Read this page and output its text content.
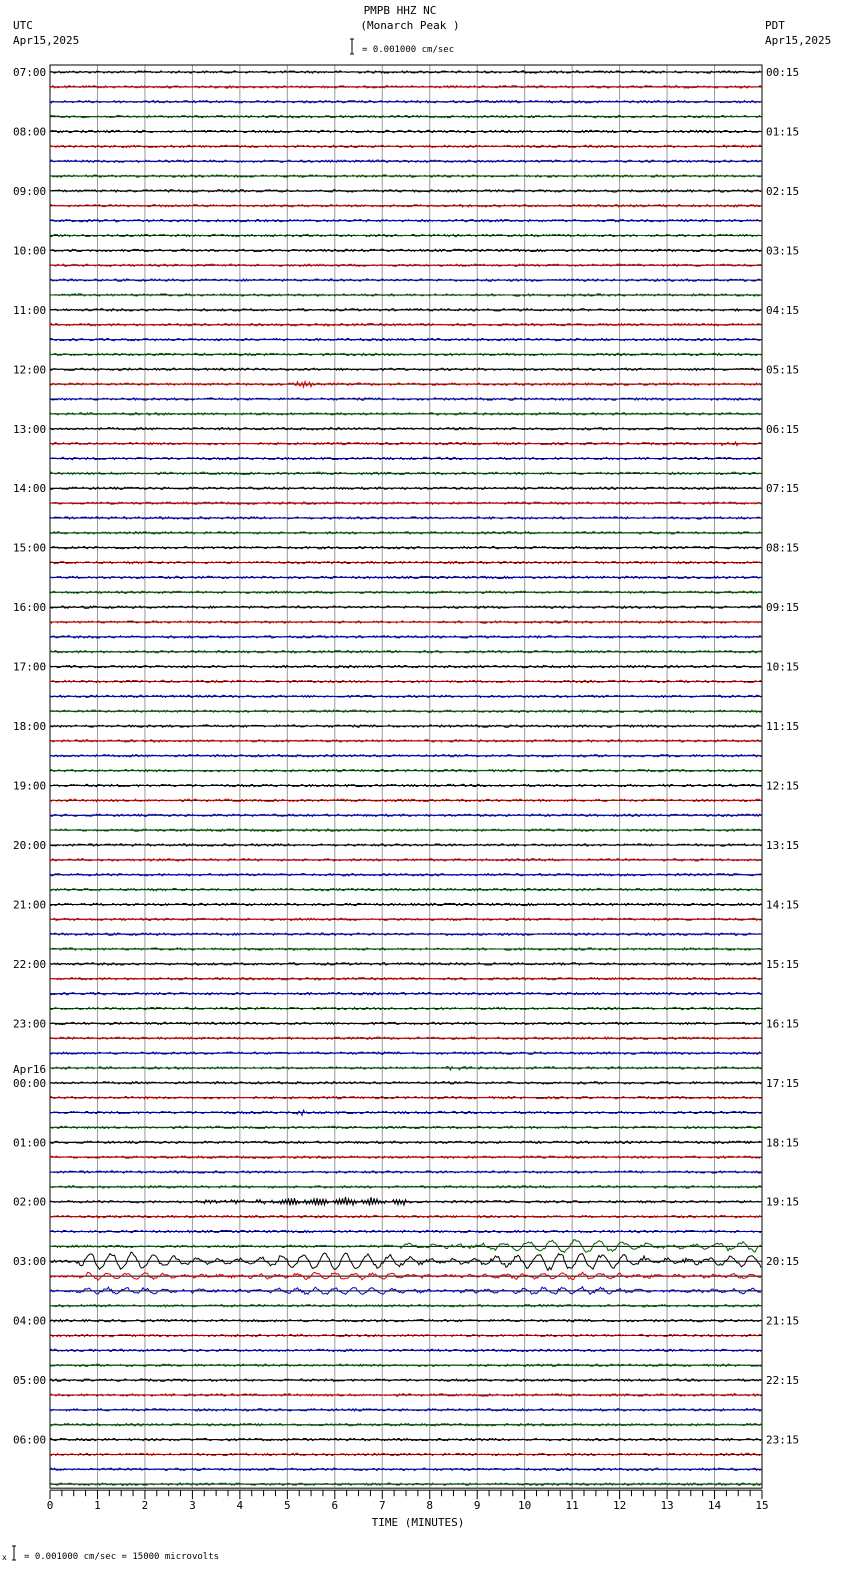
PMPB HHZ NC
(Monarch Peak )
UTC
Apr15,2025
PDT
Apr15,2025
= 0.001000 cm/sec
07:00
08:00
09:00
10:00
11:00
12:00
13:00
14:00
15:00
16:00
17:00
18:00
19:00
20:00
21:00
22:00
23:00
00:00
Apr16
01:00
02:00
03:00
04:00
05:00
06:00
00:15
01:15
02:15
03:15
04:15
05:15
06:15
07:15
08:15
09:15
10:15
11:15
12:15
13:15
14:15
15:15
16:15
17:15
18:15
19:15
20:15
21:15
22:15
23:15
0	1	2	3	4	5	6	7	8	9	10	11	12	13	14	15
TIME (MINUTES)
x = 0.001000 cm/sec = 15000 microvolts
